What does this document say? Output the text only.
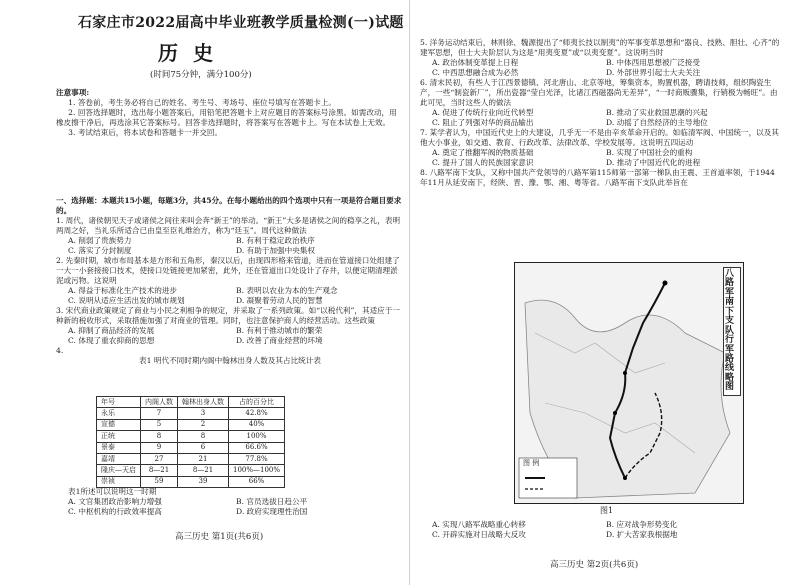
石家庄市2022届高中毕业班教学质量检测(一)试题
历 史
(时间75分钟，满分100分)

注意事项:

1. 答卷前，考生务必将自己的姓名、考生号、考场号、座位号填写在答题卡上。

2. 回答选择题时，选出每小题答案后，用铅笔把答题卡上对应题目的答案标号涂黑。如需改动，用橡皮擦干净后，再选涂其它答案标号。回答非选择题时，将答案写在答题卡上。写在本试卷上无效。

3. 考试结束后，将本试卷和答题卡一并交回。

一、选择题：本题共15小题，每题3分，共45分。在每小题给出的四个选项中只有一项是符合题目要求的。

1. 周代，诸侯朝见天子或诸侯之间往来叫会奔“新王”的举动。“新王”大多是诸侯之间的稳享之礼，表明两周之好，当礼乐所适合已由皇至臣礼维治方，称为“廷玉”。周代这种做法

A. 削弱了贵族势力	B. 有利于稳定政治秩序
C. 落实了分封制度	D. 有助于加强中央集权

2. 先秦时期，城市布局基本是方形和五角形，秦汉以后，由现四形格来管道，进而在管道接口处组建了一大一小套接接口技术，使接口处链接更加紧密，此外，还在管道出口处设计了存井，以便定期清理淤泥或污物。这说明

A. 得益于标准化生产技术的进步	B. 表明以农业为本的生产观念
C. 说明从适应生活出发的城市规划	D. 凝聚着劳动人民的智慧

3. 宋代商业政策规定了商业与小民之利相争的规定，并采取了一系列政策。如“以税代利”，其适应于一种新的税收形式，采取措施加强了对商业的管理。同时，也注意保护商人的经营活动。这些政策

A. 抑制了商品经济的发展	B. 有利于推动城市的繁荣
C. 体现了重农抑商的思想	D. 改善了商业经营的环境

4.

表1 明代不同时期内阁中翰林出身人数及其占比统计表

年号	内阁人数	翰林出身人数	占的百分比
永乐	7	3	42.8%
宣德	5	2	40%
正统	8	8	100%
景泰	9	6	66.6%
嘉靖	27	21	77.8%
隆庆—天启	8—21	8—21	100%—100%
崇祯	59	39	66%

表1所述可以说明这一时期

A. 文官集团政治影响力增强	B. 官员选拔日趋公平
C. 中枢机构的行政效率提高	D. 政府实现理性治国
高三历史 第1页(共6页)

5. 洋务运动结束后，林则徐、魏源提出了“师夷长技以制夷”的军事变革思想和“器良、技熟、胆壮、心齐”的建军思想，但士大夫阶层认为这是“用夷变夏”或“以夷变夏”。这说明当时

A. 政治体制变革提上日程	B. 中体西用思想被广泛接受
C. 中西思想融合成为必然	D. 外部世界引起士大夫关注

6. 清末民初，有些人于江西景德镇、河北唐山、北京等地，筹集资本，购置机器，聘请技师，组织陶瓷生产，一些“制瓷新厂”，所出瓷器“莹白光泽，比诸江西磁器尚无差异”，“一时商贩骤集，行销极为畅旺”。由此可见，当时这些人的做法

A. 促进了传统行业向近代转型	B. 推动了实业救国思潮的兴起
C. 阻止了列强对华的商品输出	D. 动摇了自然经济的主导地位

7. 某学者认为，中国近代史上的大建设，几乎无一不是由辛亥革命开启的。如临清军阀、中国统一，以及其他大小事业，如交通、教育、行政改革、法律改革、学校发展等。这说明五四运动

A. 奠定了推翻军阀的物质基础	B. 实现了中国社会的重构
C. 提升了国人的民族国家意识	D. 推动了中国近代化的进程

8. 八路军南下支队，又称中国共产党领导的八路军第115师第一部第一梯队由王震、王首道率领，于1944年11月从延安南下，经陕、晋、豫、鄂、湘、粤等省。八路军南下支队此举旨在

图 例
八路军南下支队行军路线略图
图1
A. 实现八路军战略重心转移	B. 应对战争形势变化
C. 开辟实施对日战略大反攻	D. 扩大苦家我根据地
高三历史 第2页(共6页)
